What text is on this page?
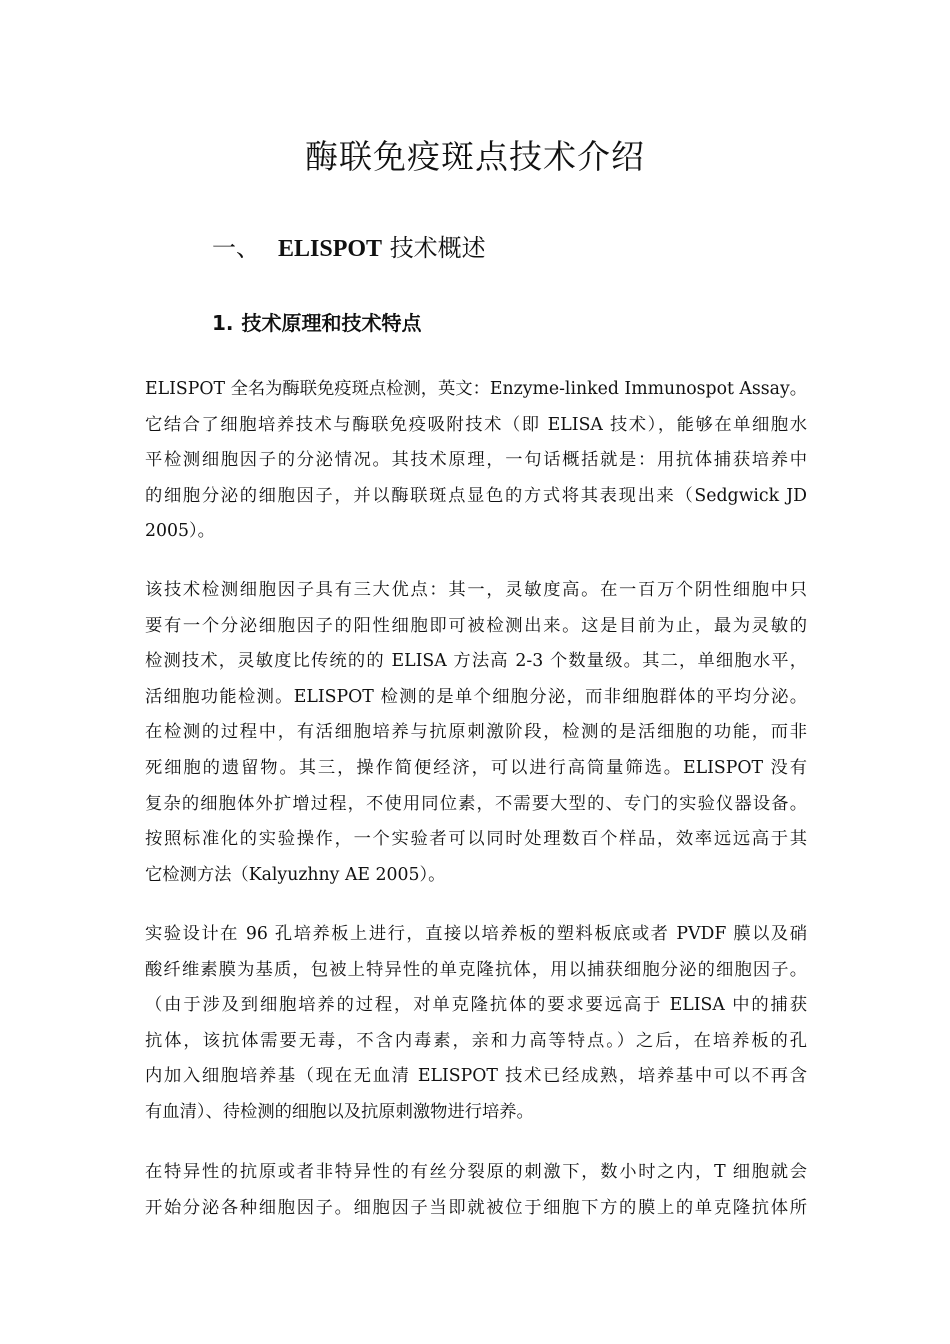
酶联免疫斑点技术介绍
一、 ELISPOT 技术概述
1. 技术原理和技术特点
ELISPOT 全名为酶联免疫斑点检测，英文：Enzyme-linked Immunospot Assay。
它结合了细胞培养技术与酶联免疫吸附技术（即 ELISA 技术），能够在单细胞水
平检测细胞因子的分泌情况。其技术原理，一句话概括就是：用抗体捕获培养中
的细胞分泌的细胞因子，并以酶联斑点显色的方式将其表现出来（Sedgwick JD
2005）。
该技术检测细胞因子具有三大优点：其一，灵敏度高。在一百万个阴性细胞中只
要有一个分泌细胞因子的阳性细胞即可被检测出来。这是目前为止，最为灵敏的
检测技术，灵敏度比传统的的 ELISA 方法高 2-3 个数量级。其二，单细胞水平，
活细胞功能检测。ELISPOT 检测的是单个细胞分泌，而非细胞群体的平均分泌。
在检测的过程中，有活细胞培养与抗原刺激阶段，检测的是活细胞的功能，而非
死细胞的遗留物。其三，操作简便经济，可以进行高筒量筛选。ELISPOT 没有
复杂的细胞体外扩增过程，不使用同位素，不需要大型的、专门的实验仪器设备。
按照标准化的实验操作，一个实验者可以同时处理数百个样品，效率远远高于其
它检测方法（Kalyuzhny AE 2005）。
实验设计在 96 孔培养板上进行，直接以培养板的塑料板底或者 PVDF 膜以及硝
酸纤维素膜为基质，包被上特异性的单克隆抗体，用以捕获细胞分泌的细胞因子。
（由于涉及到细胞培养的过程，对单克隆抗体的要求要远高于 ELISA 中的捕获
抗体，该抗体需要无毒，不含内毒素，亲和力高等特点。）之后，在培养板的孔
内加入细胞培养基（现在无血清 ELISPOT 技术已经成熟，培养基中可以不再含
有血清）、待检测的细胞以及抗原刺激物进行培养。
在特异性的抗原或者非特异性的有丝分裂原的刺激下，数小时之内，T 细胞就会
开始分泌各种细胞因子。细胞因子当即就被位于细胞下方的膜上的单克隆抗体所
